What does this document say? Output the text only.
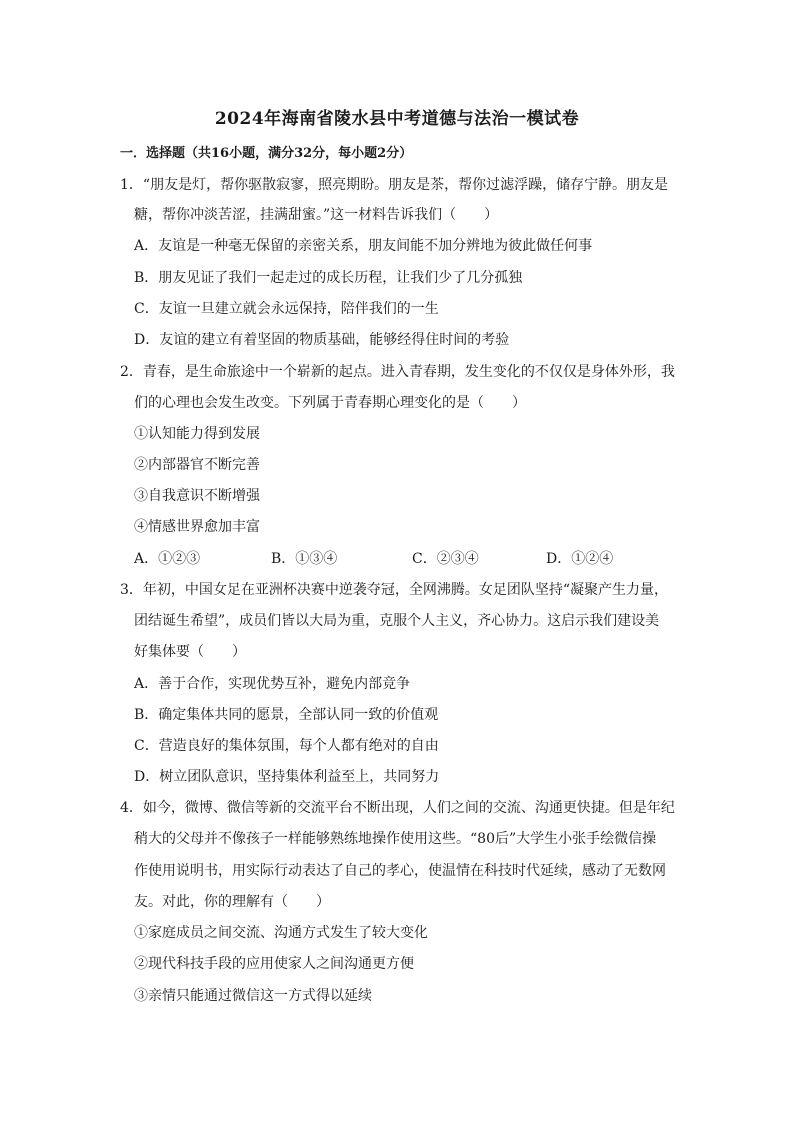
2024年海南省陵水县中考道德与法治一模试卷
一．选择题（共16小题，满分32分，每小题2分）
1．“朋友是灯，帮你驱散寂寥，照亮期盼。朋友是茶，帮你过滤浮躁，储存宁静。朋友是
糖，帮你冲淡苦涩，挂满甜蜜。”这一材料告诉我们（　　）
A．友谊是一种毫无保留的亲密关系，朋友间能不加分辨地为彼此做任何事
B．朋友见证了我们一起走过的成长历程，让我们少了几分孤独
C．友谊一旦建立就会永远保持，陪伴我们的一生
D．友谊的建立有着坚固的物质基础，能够经得住时间的考验
2．青春，是生命旅途中一个崭新的起点。进入青春期，发生变化的不仅仅是身体外形，我
们的心理也会发生改变。下列属于青春期心理变化的是（　　）
①认知能力得到发展
②内部器官不断完善
③自我意识不断增强
④情感世界愈加丰富
A．①②③	B．①③④	C．②③④	D．①②④
3．年初，中国女足在亚洲杯决赛中逆袭夺冠，全网沸腾。女足团队坚持“凝聚产生力量，
团结诞生希望”，成员们皆以大局为重，克服个人主义，齐心协力。这启示我们建设美
好集体要（　　）
A．善于合作，实现优势互补，避免内部竞争
B．确定集体共同的愿景，全部认同一致的价值观
C．营造良好的集体氛围，每个人都有绝对的自由
D．树立团队意识，坚持集体利益至上，共同努力
4．如今，微博、微信等新的交流平台不断出现，人们之间的交流、沟通更快捷。但是年纪
稍大的父母并不像孩子一样能够熟练地操作使用这些。“80后”大学生小张手绘微信操
作使用说明书，用实际行动表达了自己的孝心，使温情在科技时代延续，感动了无数网
友。对此，你的理解有（　　）
①家庭成员之间交流、沟通方式发生了较大变化
②现代科技手段的应用使家人之间沟通更方便
③亲情只能通过微信这一方式得以延续
